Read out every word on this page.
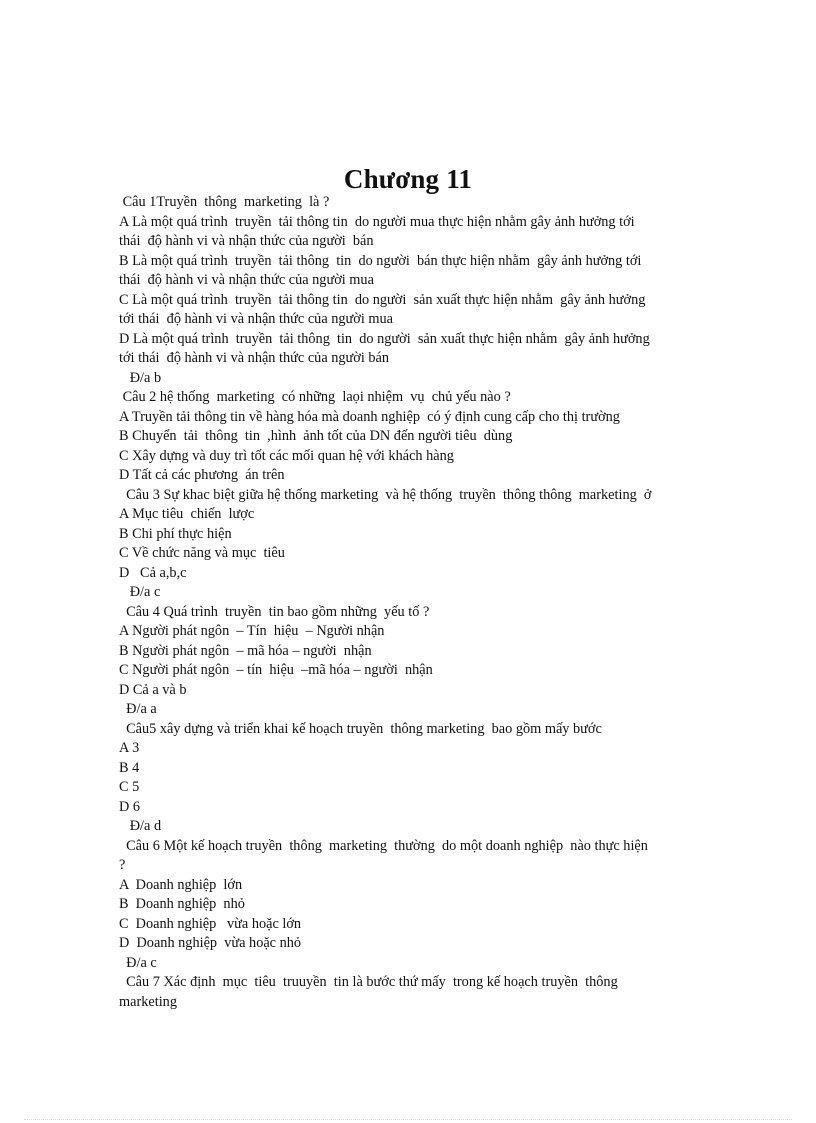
Chương 11
Câu 1Truyền  thông  marketing  là ?
A Là một quá trình  truyền  tải thông tin  do người mua thực hiện nhằm gây ảnh hưởng tới
thái  độ hành vi và nhận thức của người  bán
B Là một quá trình  truyền  tải thông  tin  do người  bán thực hiện nhằm  gây ảnh hưởng tới
thái  độ hành vi và nhận thức của người mua
C Là một quá trình  truyền  tải thông tin  do người  sản xuất thực hiện nhằm  gây ảnh hưởng
tới thái  độ hành vi và nhận thức của người mua
D Là một quá trình  truyền  tải thông  tin  do người  sản xuất thực hiện nhằm  gây ảnh hưởng
tới thái  độ hành vi và nhận thức của người bán
Đ/a b
Câu 2 hệ thống  marketing  có những  laọi nhiệm  vụ  chủ yếu nào ?
A Truyền tải thông tin về hàng hóa mà doanh nghiệp  có ý định cung cấp cho thị trường
B Chuyển  tải  thông  tin  ,hình  ảnh tốt của DN đến người tiêu  dùng
C Xây dựng và duy trì tốt các mối quan hệ với khách hàng
D Tất cả các phương  án trên
Câu 3 Sự khac biệt giữa hệ thống marketing  và hệ thống  truyền  thông thông  marketing  ở
A Mục tiêu  chiến  lược
B Chi phí thực hiện
C Về chức năng và mục  tiêu
D   Cả a,b,c
Đ/a c
Câu 4 Quá trình  truyền  tin bao gồm những  yếu tố ?
A Người phát ngôn  – Tín  hiệu  – Người nhận
B Người phát ngôn  – mã hóa – người  nhận
C Người phát ngôn  – tín  hiệu  –mã hóa – người  nhận
D Cả a và b
Đ/a a
Câu5 xây dựng và triển khai kế hoạch truyền  thông marketing  bao gồm mấy bước
A 3
B 4
C 5
D 6
Đ/a d
Câu 6 Một kế hoạch truyền  thông  marketing  thường  do một doanh nghiệp  nào thực hiện
?
A  Doanh nghiệp  lớn
B  Doanh nghiệp  nhỏ
C  Doanh nghiệp   vừa hoặc lớn
D  Doanh nghiệp  vừa hoặc nhỏ
Đ/a c
Câu 7 Xác định  mục  tiêu  truuyền  tin là bước thứ mấy  trong kế hoạch truyền  thông
marketing
